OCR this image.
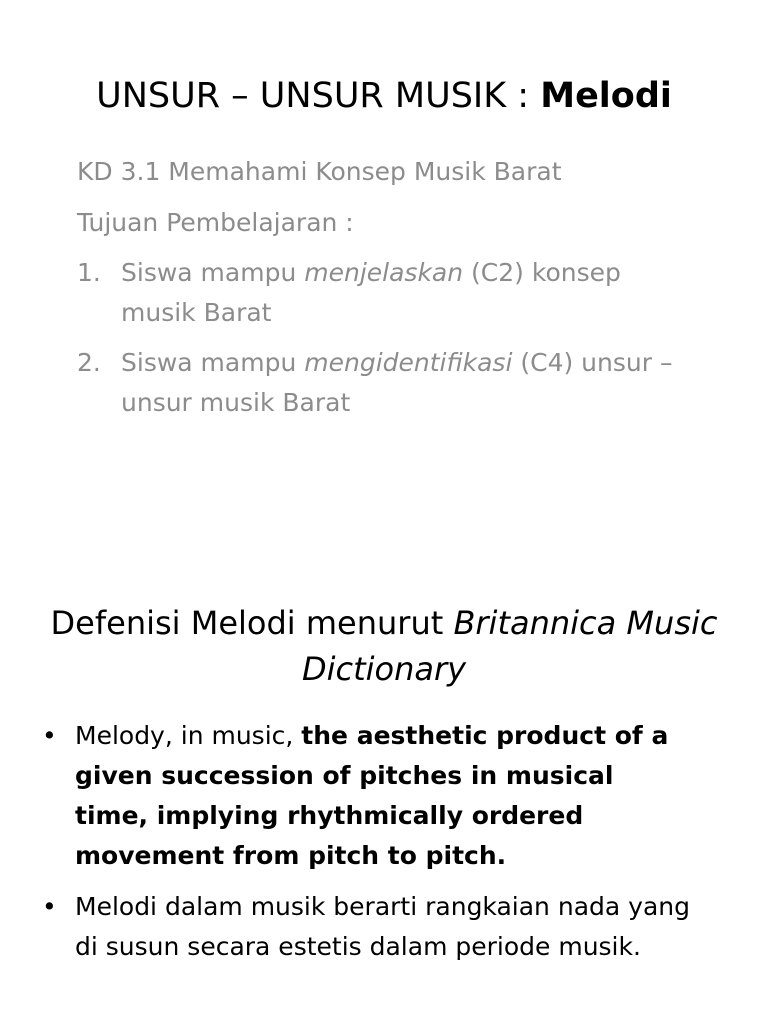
UNSUR – UNSUR MUSIK : Melodi
KD 3.1 Memahami Konsep Musik Barat
Tujuan Pembelajaran :
1. Siswa mampu menjelaskan (C2) konsep musik Barat
2. Siswa mampu mengidentifikasi (C4) unsur – unsur musik Barat
Defenisi Melodi menurut Britannica Music Dictionary
• Melody, in music, the aesthetic product of a given succession of pitches in musical time, implying rhythmically ordered movement from pitch to pitch.
• Melodi dalam musik berarti rangkaian nada yang di susun secara estetis dalam periode musik.
